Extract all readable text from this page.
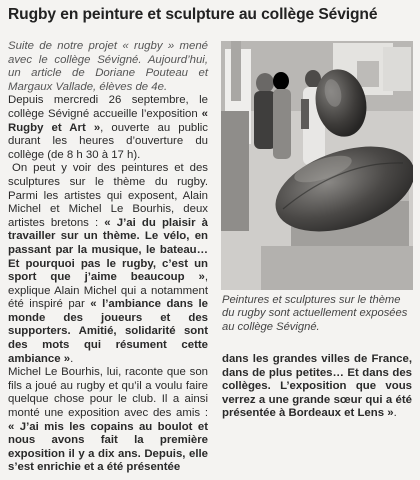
Rugby en peinture et sculpture au collège Sévigné

Suite de notre projet « rugby » mené avec le collège Sévigné. Aujourd’hui, un article de Doriane Pouteau et Margaux Vallade, élèves de 4e.

Depuis mercredi 26 septembre, le collège Sévigné accueille l’exposition « Rugby et Art », ouverte au public durant les heures d’ouverture du collège (de 8 h 30 à 17 h).

On peut y voir des peintures et des sculptures sur le thème du rugby. Parmi les artistes qui exposent, Alain Michel et Michel Le Bourhis, deux artistes bretons : « J’ai du plaisir à travailler sur un thème. Le vélo, en passant par la musique, le bateau… Et pourquoi pas le rugby, c’est un sport que j’aime beaucoup », explique Alain Michel qui a notamment été inspiré par « l’ambiance dans le monde des joueurs et des supporters. Amitié, solidarité sont des mots qui résument cette ambiance ».

Michel Le Bourhis, lui, raconte que son fils a joué au rugby et qu’il a voulu faire quelque chose pour le club. Il a ainsi monté une exposition avec des amis : « J’ai mis les copains au boulot et nous avons fait la première exposition il y a dix ans. Depuis, elle s’est enrichie et a été présentée

dans les grandes villes de France, dans de plus petites… Et dans des collèges. L’exposition que vous verrez a une grande sœur qui a été présentée à Bordeaux et Lens ».

Peintures et sculptures sur le thème du rugby sont actuellement exposées au collège Sévigné.
